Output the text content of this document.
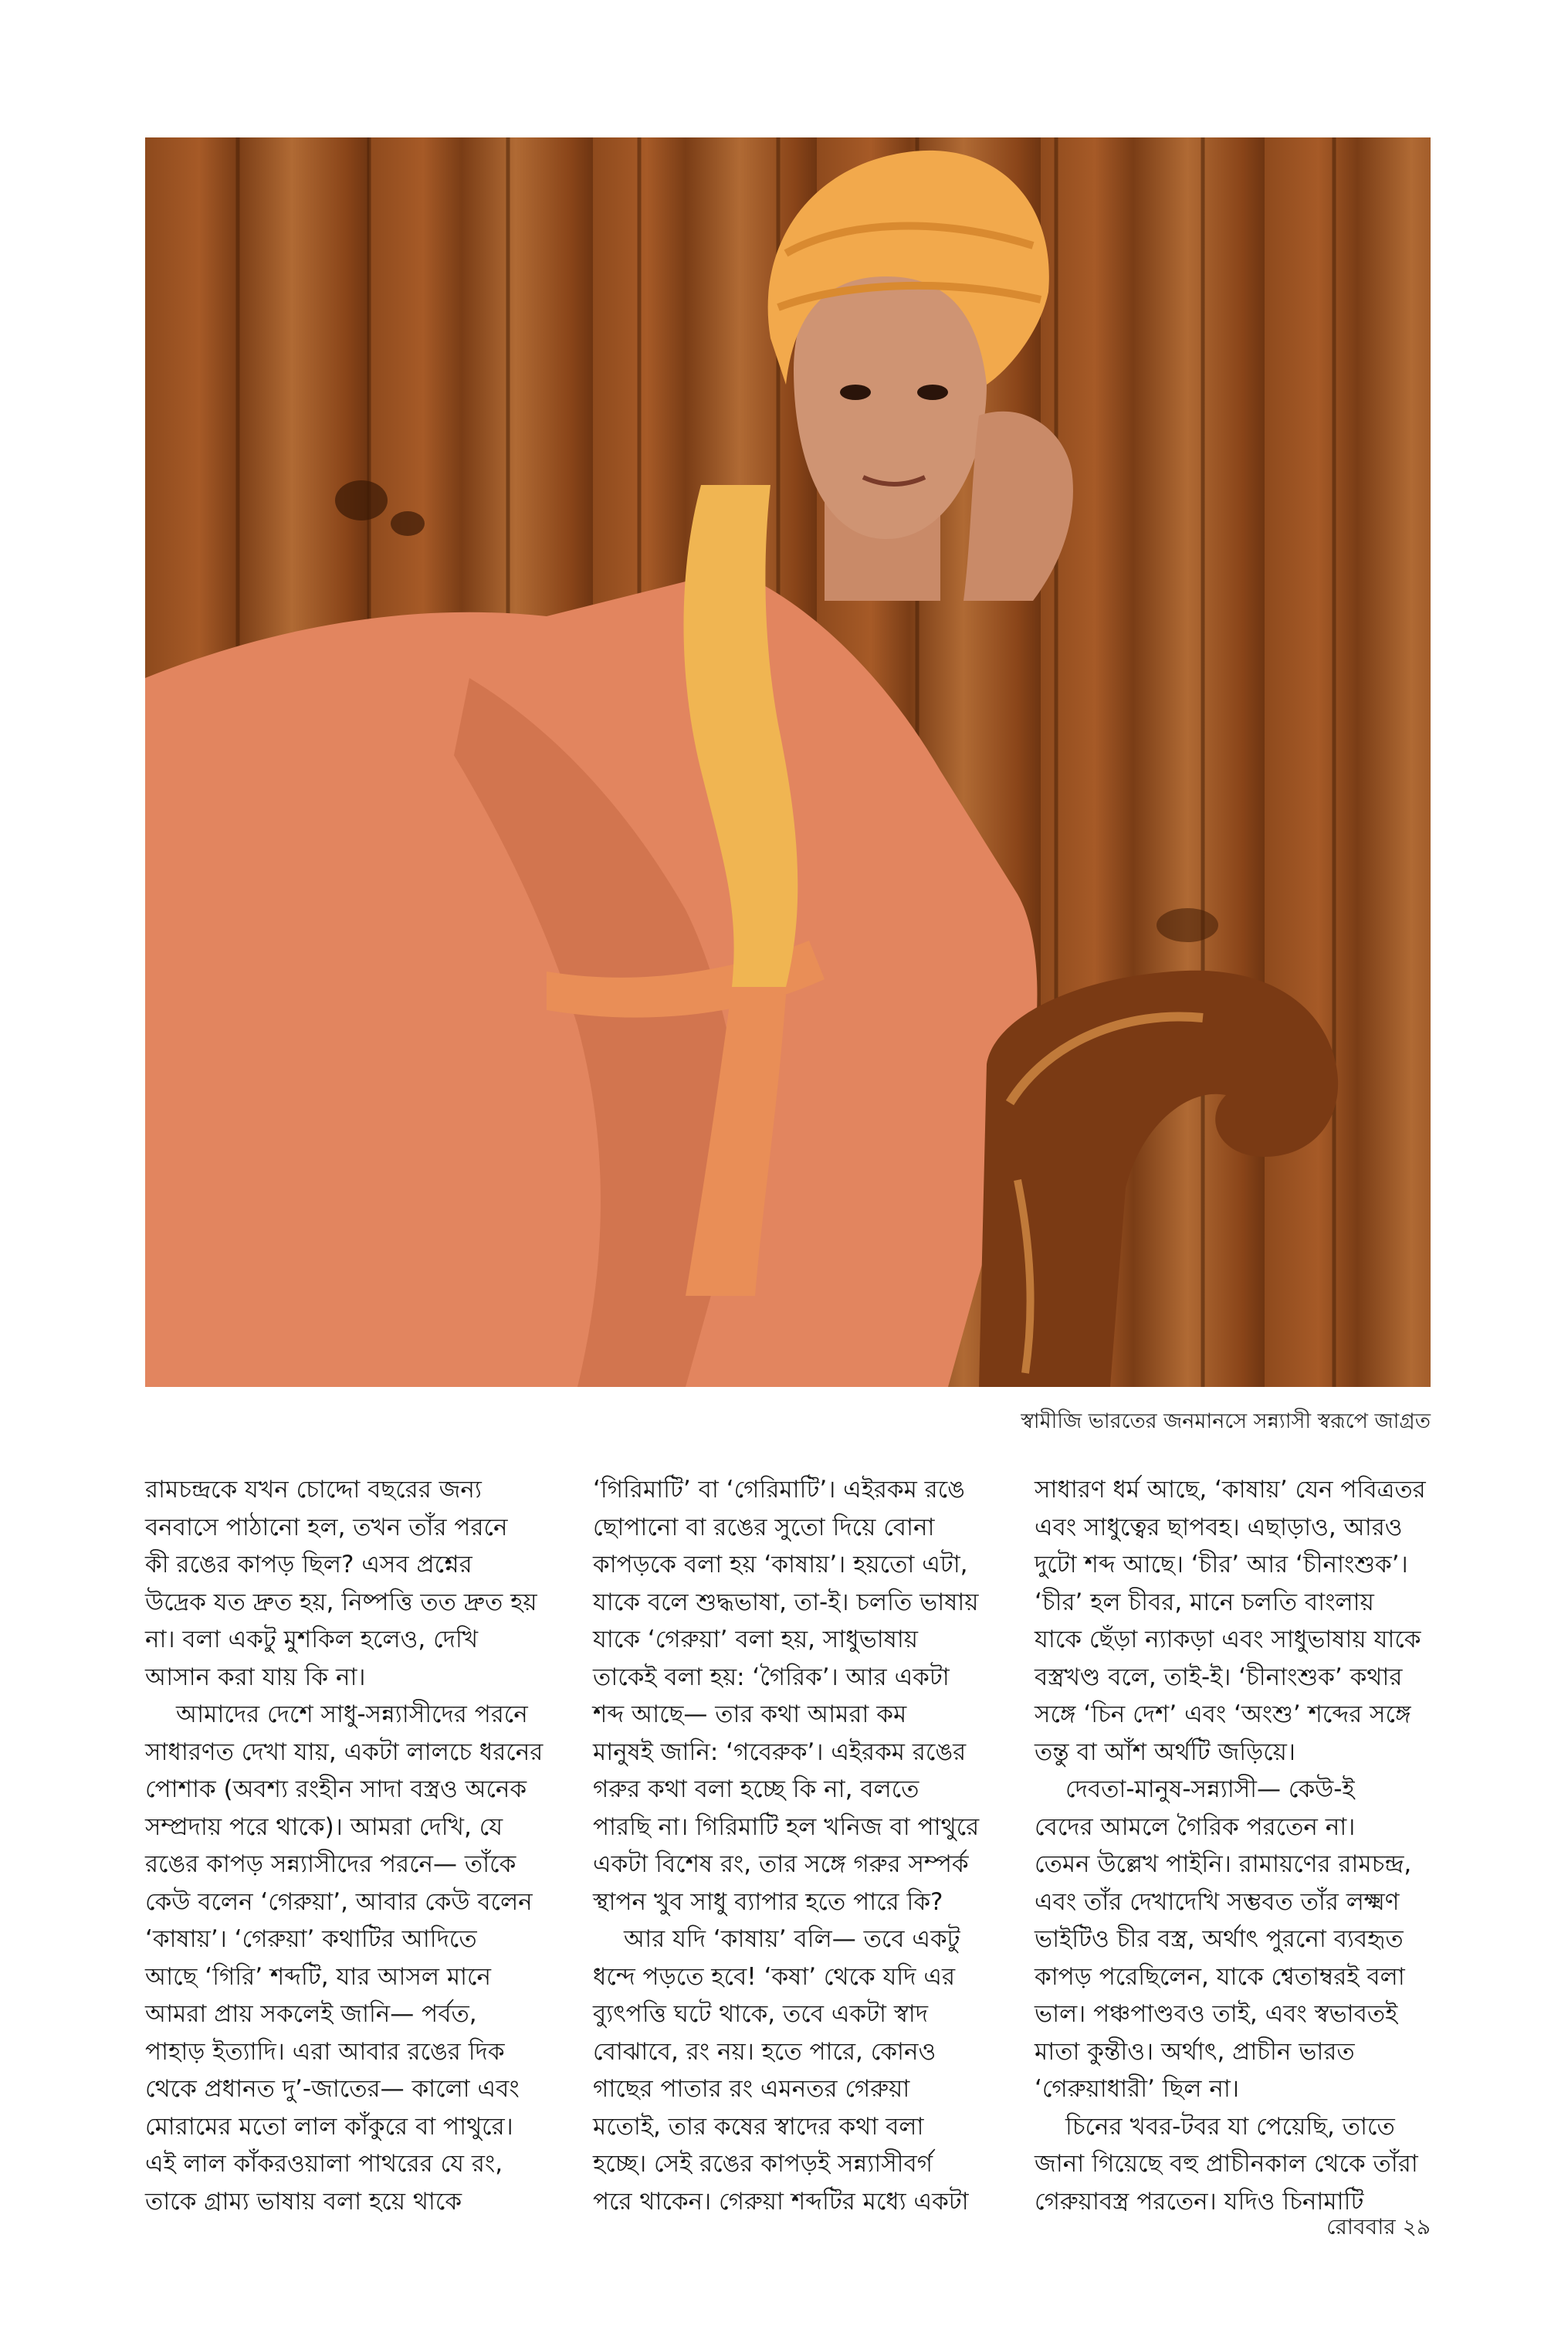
স্বামীজি ভারতের জনমানসে সন্ন্যাসী স্বরূপে জাগ্রত
রামচন্দ্রকে যখন চোদ্দো বছরের জন্য
বনবাসে পাঠানো হল, তখন তাঁর পরনে
কী রঙের কাপড় ছিল? এসব প্রশ্নের
উদ্রেক যত দ্রুত হয়, নিষ্পত্তি তত দ্রুত হয়
না। বলা একটু মুশকিল হলেও, দেখি
আসান করা যায় কি না।
আমাদের দেশে সাধু-সন্ন্যাসীদের পরনে
সাধারণত দেখা যায়, একটা লালচে ধরনের
পোশাক (অবশ্য রংহীন সাদা বস্ত্রও অনেক
সম্প্রদায় পরে থাকে)। আমরা দেখি, যে
রঙের কাপড় সন্ন্যাসীদের পরনে— তাঁকে
কেউ বলেন ‘গেরুয়া’, আবার কেউ বলেন
‘কাষায়’। ‘গেরুয়া’ কথাটির আদিতে
আছে ‘গিরি’ শব্দটি, যার আসল মানে
আমরা প্রায় সকলেই জানি— পর্বত,
পাহাড় ইত্যাদি। এরা আবার রঙের দিক
থেকে প্রধানত দু’-জাতের— কালো এবং
মোরামের মতো লাল কাঁকুরে বা পাথুরে।
এই লাল কাঁকরওয়ালা পাথরের যে রং,
তাকে গ্রাম্য ভাষায় বলা হয়ে থাকে
‘গিরিমাটি’ বা ‘গেরিমাটি’। এইরকম রঙে
ছোপানো বা রঙের সুতো দিয়ে বোনা
কাপড়কে বলা হয় ‘কাষায়’। হয়তো এটা,
যাকে বলে শুদ্ধভাষা, তা-ই। চলতি ভাষায়
যাকে ‘গেরুয়া’ বলা হয়, সাধুভাষায়
তাকেই বলা হয়: ‘গৈরিক’। আর একটা
শব্দ আছে— তার কথা আমরা কম
মানুষই জানি: ‘গবেরুক’। এইরকম রঙের
গরুর কথা বলা হচ্ছে কি না, বলতে
পারছি না। গিরিমাটি হল খনিজ বা পাথুরে
একটা বিশেষ রং, তার সঙ্গে গরুর সম্পর্ক
স্থাপন খুব সাধু ব্যাপার হতে পারে কি?
আর যদি ‘কাষায়’ বলি— তবে একটু
ধন্দে পড়তে হবে! ‘কষা’ থেকে যদি এর
ব্যুৎপত্তি ঘটে থাকে, তবে একটা স্বাদ
বোঝাবে, রং নয়। হতে পারে, কোনও
গাছের পাতার রং এমনতর গেরুয়া
মতোই, তার কষের স্বাদের কথা বলা
হচ্ছে। সেই রঙের কাপড়ই সন্ন্যাসীবর্গ
পরে থাকেন। গেরুয়া শব্দটির মধ্যে একটা
সাধারণ ধর্ম আছে, ‘কাষায়’ যেন পবিত্রতর
এবং সাধুত্বের ছাপবহ। এছাড়াও, আরও
দুটো শব্দ আছে। ‘চীর’ আর ‘চীনাংশুক’।
‘চীর’ হল চীবর, মানে চলতি বাংলায়
যাকে ছেঁড়া ন্যাকড়া এবং সাধুভাষায় যাকে
বস্ত্রখণ্ড বলে, তাই-ই। ‘চীনাংশুক’ কথার
সঙ্গে ‘চিন দেশ’ এবং ‘অংশু’ শব্দের সঙ্গে
তন্তু বা আঁশ অর্থটি জড়িয়ে।
দেবতা-মানুষ-সন্ন্যাসী— কেউ-ই
বেদের আমলে গৈরিক পরতেন না।
তেমন উল্লেখ পাইনি। রামায়ণের রামচন্দ্র,
এবং তাঁর দেখাদেখি সম্ভবত তাঁর লক্ষ্মণ
ভাইটিও চীর বস্ত্র, অর্থাৎ পুরনো ব্যবহৃত
কাপড় পরেছিলেন, যাকে শ্বেতাম্বরই বলা
ভাল। পঞ্চপাণ্ডবও তাই, এবং স্বভাবতই
মাতা কুন্তীও। অর্থাৎ, প্রাচীন ভারত
‘গেরুয়াধারী’ ছিল না।
চিনের খবর-টবর যা পেয়েছি, তাতে
জানা গিয়েছে বহু প্রাচীনকাল থেকে তাঁরা
গেরুয়াবস্ত্র পরতেন। যদিও চিনামাটি
রোববার ২৯
